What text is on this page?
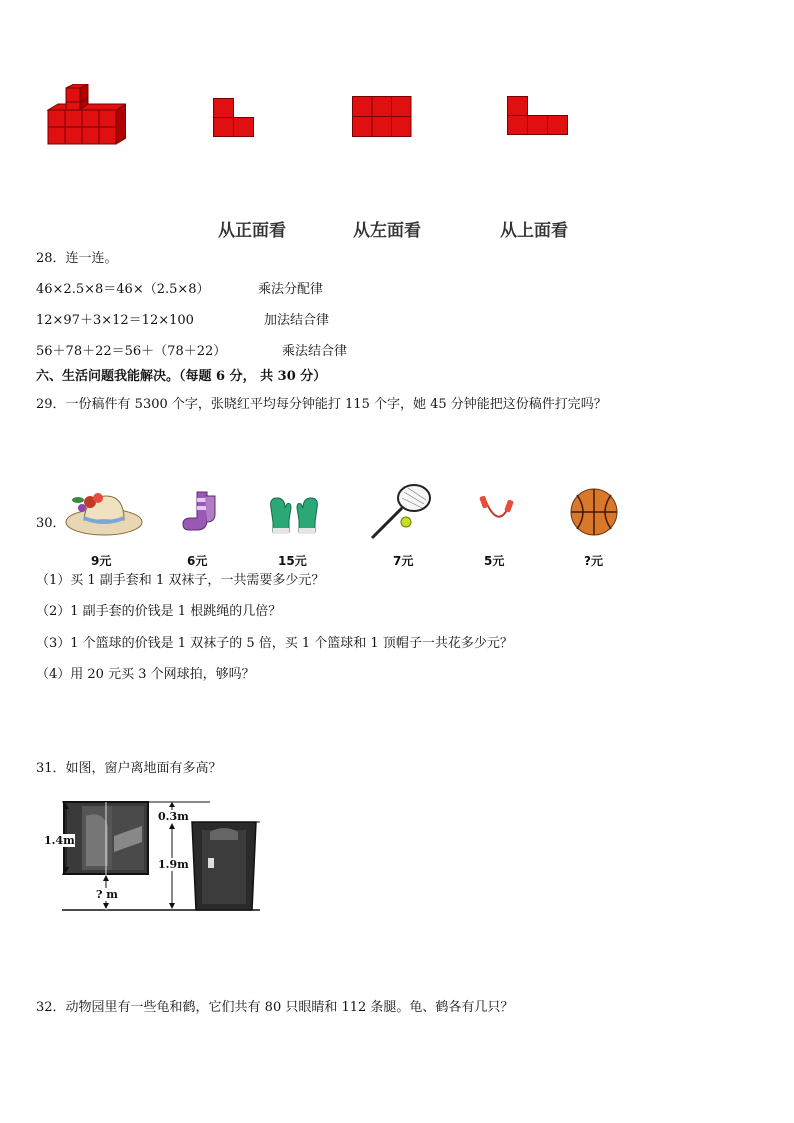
从正面看	从左面看	从上面看
28．连一连。
46×2.5×8＝46×（2.5×8）	乘法分配律
12×97＋3×12＝12×100	加法结合律
56＋78＋22＝56＋（78＋22）	乘法结合律
六、生活问题我能解决。（每题 6 分， 共 30 分）
29．一份稿件有 5300 个字，张晓红平均每分钟能打 115 个字，她 45 分钟能把这份稿件打完吗？
30．
9元	6元	15元	7元	5元	?元
（1）买 1 副手套和 1 双袜子，一共需要多少元？
（2）1 副手套的价钱是 1 根跳绳的几倍？
（3）1 个篮球的价钱是 1 双袜子的 5 倍，买 1 个篮球和 1 顶帽子一共花多少元？
（4）用 20 元买 3 个网球拍，够吗？
31．如图，窗户离地面有多高？
1.4m
0.3m
1.9m
? m
32．动物园里有一些龟和鹤，它们共有 80 只眼睛和 112 条腿。龟、鹤各有几只？
